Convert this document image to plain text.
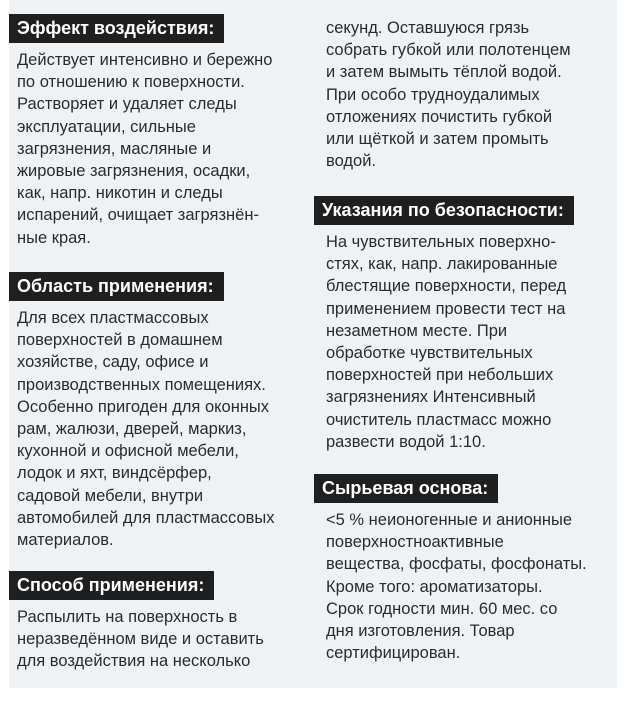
Эффект воздействия:
Действует интенсивно и бережно
по отношению к поверхности.
Растворяет и удаляет следы
эксплуатации, сильные
загрязнения, масляные и
жировые загрязнения, осадки,
как, напр. никотин и следы
испарений, очищает загрязнён-
ные края.
Область применения:
Для всех пластмассовых
поверхностей в домашнем
хозяйстве, саду, офисе и
производственных помещениях.
Особенно пригоден для оконных
рам, жалюзи, дверей, маркиз,
кухонной и офисной мебели,
лодок и яхт, виндсёрфер,
садовой мебели, внутри
автомобилей для пластмассовых
материалов.
Способ применения:
Распылить на поверхность в
неразведённом виде и оставить
для воздействия на несколько
секунд. Оставшуюся грязь
собрать губкой или полотенцем
и затем вымыть тёплой водой.
При особо трудноудалимых
отложениях почистить губкой
или щёткой и затем промыть
водой.
Указания по безопасности:
На чувствительных поверхно-
стях, как, напр. лакированные
блестящие поверхности, перед
применением провести тест на
незаметном месте. При
обработке чувствительных
поверхностей при небольших
загрязнениях Интенсивный
очиститель пластмасс можно
развести водой 1:10.
Сырьевая основа:
<5 % неионогенные и анионные
поверхностноактивные
вещества, фосфаты, фосфонаты.
Кроме того: ароматизаторы.
Срок годности мин. 60 мес. со
дня изготовления. Товар
сертифицирован.
